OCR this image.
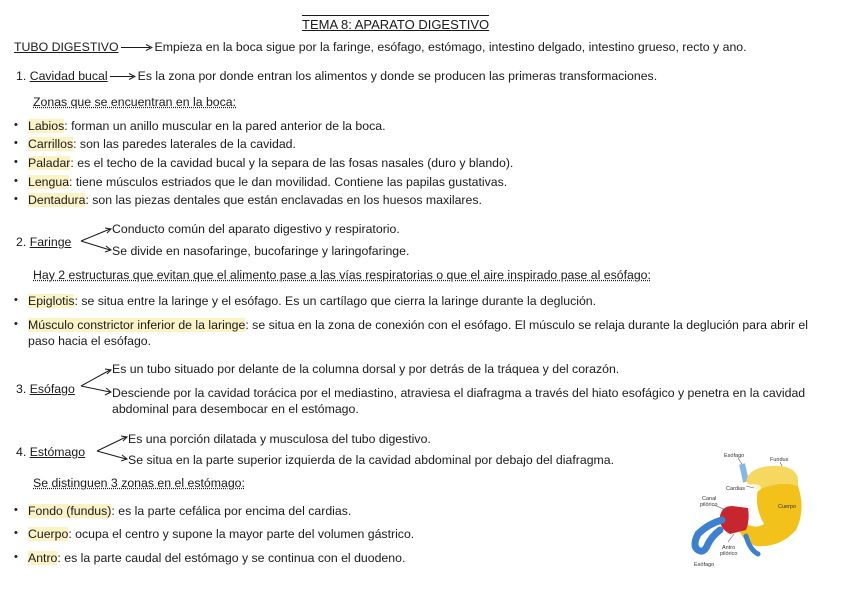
TEMA 8: APARATO DIGESTIVO
TUBO DIGESTIVO	Empieza en la boca sigue por la faringe, esófago, estómago, intestino delgado, intestino grueso, recto y ano.
1. Cavidad bucal Es la zona por donde entran los alimentos y donde se producen las primeras transformaciones.
Zonas que se encuentran en la boca:
• Labios: forman un anillo muscular en la pared anterior de la boca.
• Carrillos: son las paredes laterales de la cavidad.
• Paladar: es el techo de la cavidad bucal y la separa de las fosas nasales (duro y blando).
• Lengua: tiene músculos estriados que le dan movilidad. Contiene las papilas gustativas.
• Dentadura: son las piezas dentales que están enclavadas en los huesos maxilares.
2. Faringe
Conducto común del aparato digestivo y respiratorio.
Se divide en nasofaringe, bucofaringe y laringofaringe.
Hay 2 estructuras que evitan que el alimento pase a las vías respiratorias o que el aire inspirado pase al esófago:
• Epiglotis: se situa entre la laringe y el esófago. Es un cartílago que cierra la laringe durante la deglución.
• Músculo constrictor inferior de la laringe: se situa en la zona de conexión con el esófago. El músculo se relaja durante la deglución para abrir el paso hacia el esófago.
3. Esófago
Es un tubo situado por delante de la columna dorsal y por detrás de la tráquea y del corazón.
Desciende por la cavidad torácica por el mediastino, atraviesa el diafragma a través del hiato esofágico y penetra en la cavidad abdominal para desembocar en el estómago.
4. Estómago
Es una porción dilatada y musculosa del tubo digestivo.
Se situa en la parte superior izquierda de la cavidad abdominal por debajo del diafragma.
Se distinguen 3 zonas en el estómago:
• Fondo (fundus): es la parte cefálica por encima del cardias.
• Cuerpo: ocupa el centro y supone la mayor parte del volumen gástrico.
• Antro: es la parte caudal del estómago y se continua con el duodeno.
Esófago
Fundus
Cardias
Canal
pilórico	Cuerpo
Antro
pilórico
Esófago
